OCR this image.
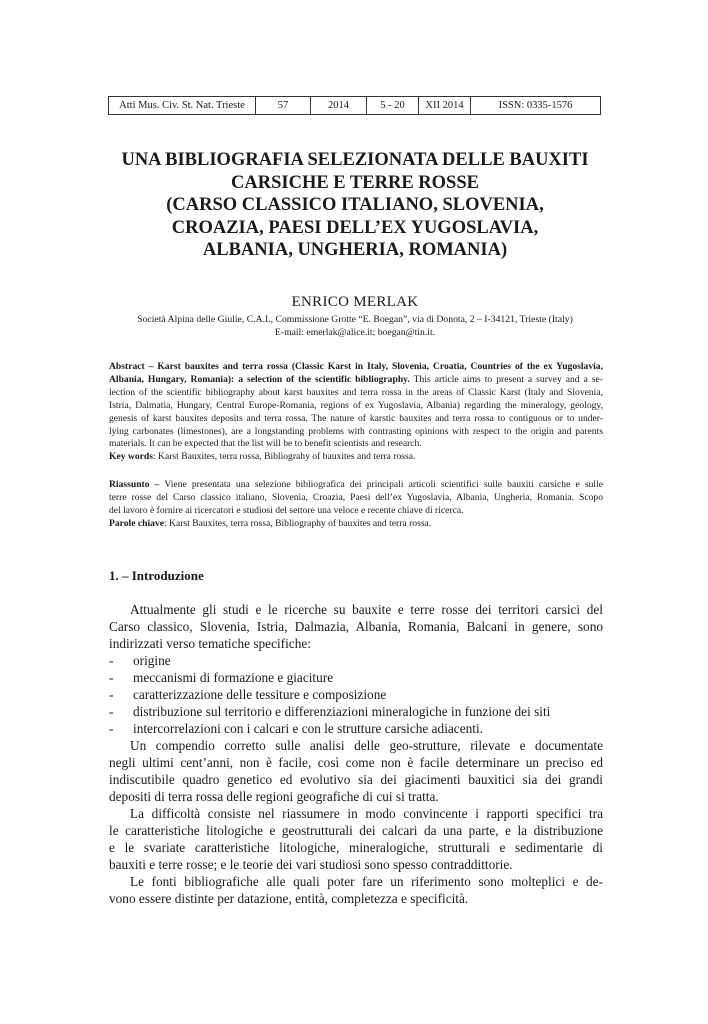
Atti Mus. Civ. St. Nat. Trieste	57	2014	5 - 20	XII 2014	ISSN: 0335-1576
UNA BIBLIOGRAFIA SELEZIONATA DELLE BAUXITI
CARSICHE E TERRE ROSSE
(CARSO CLASSICO ITALIANO, SLOVENIA,
CROAZIA, PAESI DELL’EX YUGOSLAVIA,
ALBANIA, UNGHERIA, ROMANIA)
ENRICO MERLAK
Società Alpina delle Giulie, C.A.I., Commissione Grotte “E. Boegan”, via di Donota, 2 – I-34121, Trieste (Italy)
E-mail: emerlak@alice.it; boegan@tin.it.
Abstract – Karst bauxites and terra rossa (Classic Karst in Italy, Slovenia, Croatia, Countries of the ex Yugoslavia,
Albania, Hungary, Romania): a selection of the scientific bibliography. This article aims to present a survey and a se-
lection of the scientific bibliography about karst bauxites and terra rossa in the areas of Classic Karst (Italy and Slovenia,
Istria, Dalmatia, Hungary, Central Europe-Romania, regions of ex Yugoslavia, Albania) regarding the mineralogy, geology,
genesis of karst bauxites deposits and terra rossa. The nature of karstic bauxites and terra rossa to contiguous or to under-
lying carbonates (limestones), are a longstanding problems with contrasting opinions with respect to the origin and parents
materials. It can be expected that the list will be to benefit scientists and research.
Key words: Karst Bauxites, terra rossa, Bibliograhy of bauxites and terra rossa.
Riassunto – Viene presentata una selezione bibliografica dei principali articoli scientifici sulle bauxiti carsiche e sulle
terre rosse del Carso classico italiano, Slovenia, Croazia, Paesi dell’ex Yugoslavia, Albania, Ungheria, Romania. Scopo
del lavoro è fornire ai ricercatori e studiosi del settore una veloce e recente chiave di ricerca.
Parole chiave: Karst Bauxites, terra rossa, Bibliography of bauxites and terra rossa.
1. – Introduzione
Attualmente gli studi e le ricerche su bauxite e terre rosse dei territori carsici del
Carso classico, Slovenia, Istria, Dalmazia, Albania, Romania, Balcani in genere, sono
indirizzati verso tematiche specifiche:
-	origine
-	meccanismi di formazione e giaciture
-	caratterizzazione delle tessiture e composizione
-	distribuzione sul territorio e differenziazioni mineralogiche in funzione dei siti
-	intercorrelazioni con i calcari e con le strutture carsiche adiacenti.
Un compendio corretto sulle analisi delle geo-strutture, rilevate e documentate
negli ultimi cent’anni, non è facile, così come non è facile determinare un preciso ed
indiscutibile quadro genetico ed evolutivo sia dei giacimenti bauxitici sia dei grandi
depositi di terra rossa delle regioni geografiche di cui si tratta.
La difficoltà consiste nel riassumere in modo convincente i rapporti specifici tra
le caratteristiche litologiche e geostrutturali dei calcari da una parte, e la distribuzione
e le svariate caratteristiche litologiche, mineralogiche, strutturali e sedimentarie di
bauxiti e terre rosse; e le teorie dei vari studiosi sono spesso contraddittorie.
Le fonti bibliografiche alle quali poter fare un riferimento sono molteplici e de-
vono essere distinte per datazione, entità, completezza e specificità.
